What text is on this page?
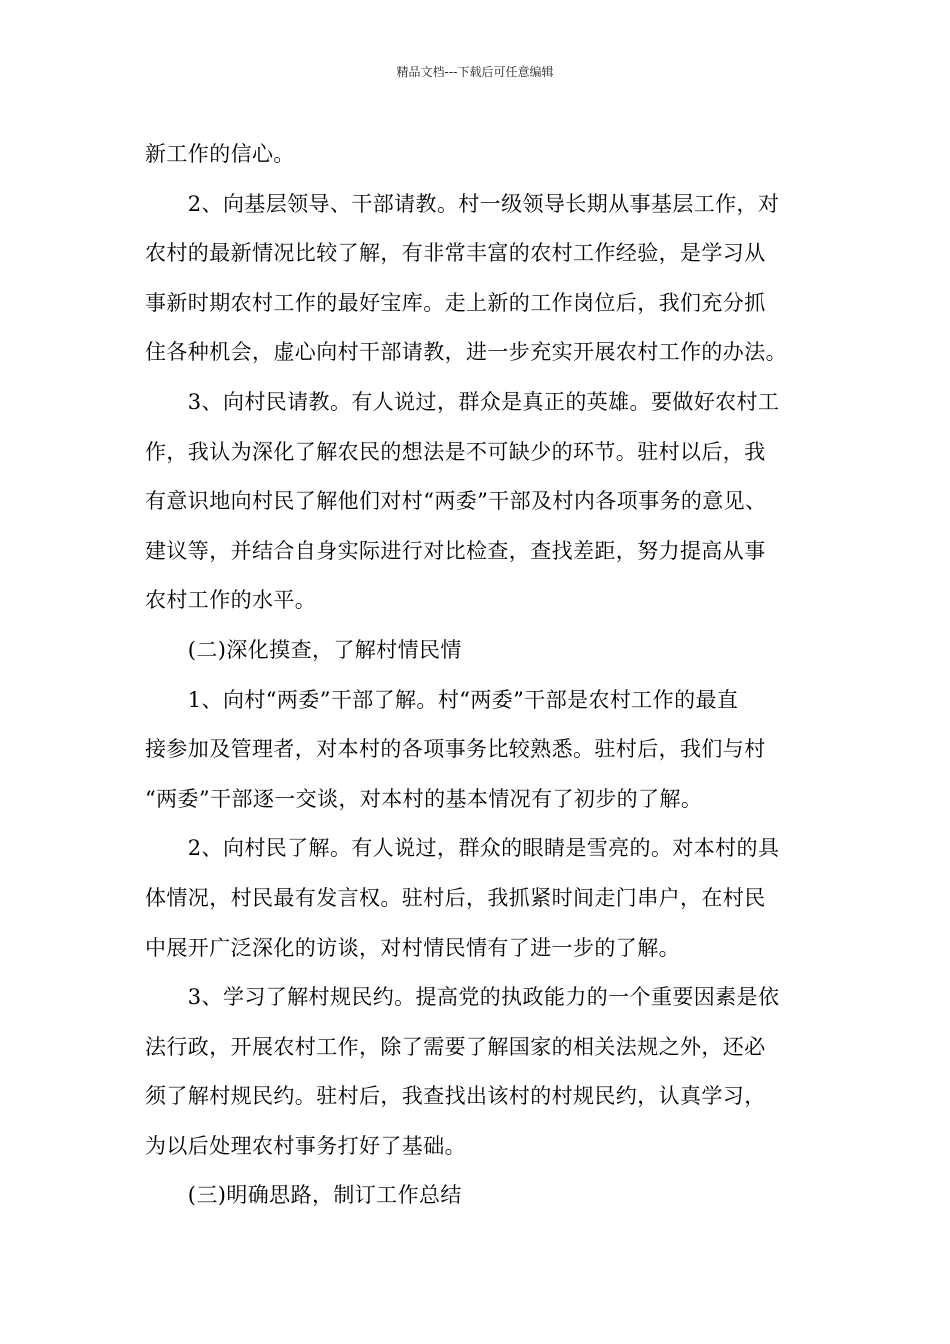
精品文档---下载后可任意编辑
新工作的信心。
　　2、向基层领导、干部请教。村一级领导长期从事基层工作，对
农村的最新情况比较了解，有非常丰富的农村工作经验，是学习从
事新时期农村工作的最好宝库。走上新的工作岗位后，我们充分抓
住各种机会，虚心向村干部请教，进一步充实开展农村工作的办法。
　　3、向村民请教。有人说过，群众是真正的英雄。要做好农村工
作，我认为深化了解农民的想法是不可缺少的环节。驻村以后，我
有意识地向村民了解他们对村“两委”干部及村内各项事务的意见、
建议等，并结合自身实际进行对比检查，查找差距，努力提高从事
农村工作的水平。
　　(二)深化摸查，了解村情民情
　　1、向村“两委”干部了解。村“两委”干部是农村工作的最直
接参加及管理者，对本村的各项事务比较熟悉。驻村后，我们与村
“两委”干部逐一交谈，对本村的基本情况有了初步的了解。
　　2、向村民了解。有人说过，群众的眼睛是雪亮的。对本村的具
体情况，村民最有发言权。驻村后，我抓紧时间走门串户，在村民
中展开广泛深化的访谈，对村情民情有了进一步的了解。
　　3、学习了解村规民约。提高党的执政能力的一个重要因素是依
法行政，开展农村工作，除了需要了解国家的相关法规之外，还必
须了解村规民约。驻村后，我查找出该村的村规民约，认真学习，
为以后处理农村事务打好了基础。
　　(三)明确思路，制订工作总结
